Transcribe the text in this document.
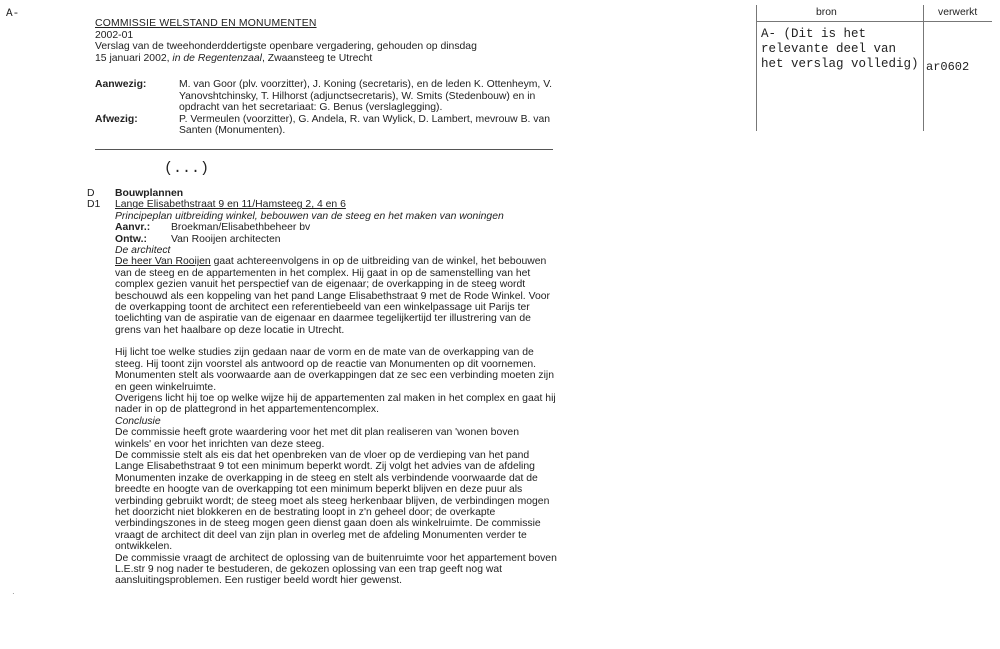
A-
COMMISSIE WELSTAND EN MONUMENTEN
2002-01
Verslag van de tweehonderddertigste openbare vergadering, gehouden op dinsdag
15 januari 2002, in de Regentenzaal, Zwaansteeg te Utrecht
Aanwezig:	M. van Goor (plv. voorzitter), J. Koning (secretaris), en de leden K. Ottenheym, V. Yanovshtchinsky, T. Hilhorst (adjunctsecretaris), W. Smits (Stedenbouw) en in opdracht van het secretariaat: G. Benus (verslaglegging).
Afwezig:	P. Vermeulen (voorzitter), G. Andela, R. van Wylick, D. Lambert, mevrouw B. van Santen (Monumenten).
(...)
D	Bouwplannen
D1	Lange Elisabethstraat 9 en 11/Hamsteeg 2, 4 en 6
Principeplan uitbreiding winkel, bebouwen van de steeg en het maken van woningen
Aanvr.:	Broekman/Elisabethbeheer bv
Ontw.:	Van Rooijen architecten
De architect
De heer Van Rooijen gaat achtereenvolgens in op de uitbreiding van de winkel, het bebouwen van de steeg en de appartementen in het complex. Hij gaat in op de samenstelling van het complex gezien vanuit het perspectief van de eigenaar; de overkapping in de steeg wordt beschouwd als een koppeling van het pand Lange Elisabethstraat 9 met de Rode Winkel. Voor de overkapping toont de architect een referentiebeeld van een winkelpassage uit Parijs ter toelichting van de aspiratie van de eigenaar en daarmee tegelijkertijd ter illustrering van de grens van het haalbare op deze locatie in Utrecht.
Hij licht toe welke studies zijn gedaan naar de vorm en de mate van de overkapping van de steeg. Hij toont zijn voorstel als antwoord op de reactie van Monumenten op dit voornemen. Monumenten stelt als voorwaarde aan de overkappingen dat ze sec een verbinding moeten zijn en geen winkelruimte.
Overigens licht hij toe op welke wijze hij de appartementen zal maken in het complex en gaat hij nader in op de plattegrond in het appartementencomplex.
Conclusie
De commissie heeft grote waardering voor het met dit plan realiseren van 'wonen boven winkels' en voor het inrichten van deze steeg.
De commissie stelt als eis dat het openbreken van de vloer op de verdieping van het pand Lange Elisabethstraat 9 tot een minimum beperkt wordt. Zij volgt het advies van de afdeling Monumenten inzake de overkapping in de steeg en stelt als verbindende voorwaarde dat de breedte en hoogte van de overkapping tot een minimum beperkt blijven en deze puur als verbinding gebruikt wordt; de steeg moet als steeg herkenbaar blijven, de verbindingen mogen het doorzicht niet blokkeren en de bestrating loopt in z'n geheel door; de overkapte verbindingszones in de steeg mogen geen dienst gaan doen als winkelruimte. De commissie vraagt de architect dit deel van zijn plan in overleg met de afdeling Monumenten verder te ontwikkelen.
De commissie vraagt de architect de oplossing van de buitenruimte voor het appartement boven L.E.str 9 nog nader te bestuderen, de gekozen oplossing van een trap geeft nog wat aansluitingsproblemen. Een rustiger beeld wordt hier gewenst.
bron	verwerkt
A- (Dit is het relevante deel van het verslag volledig) ar0602
·
